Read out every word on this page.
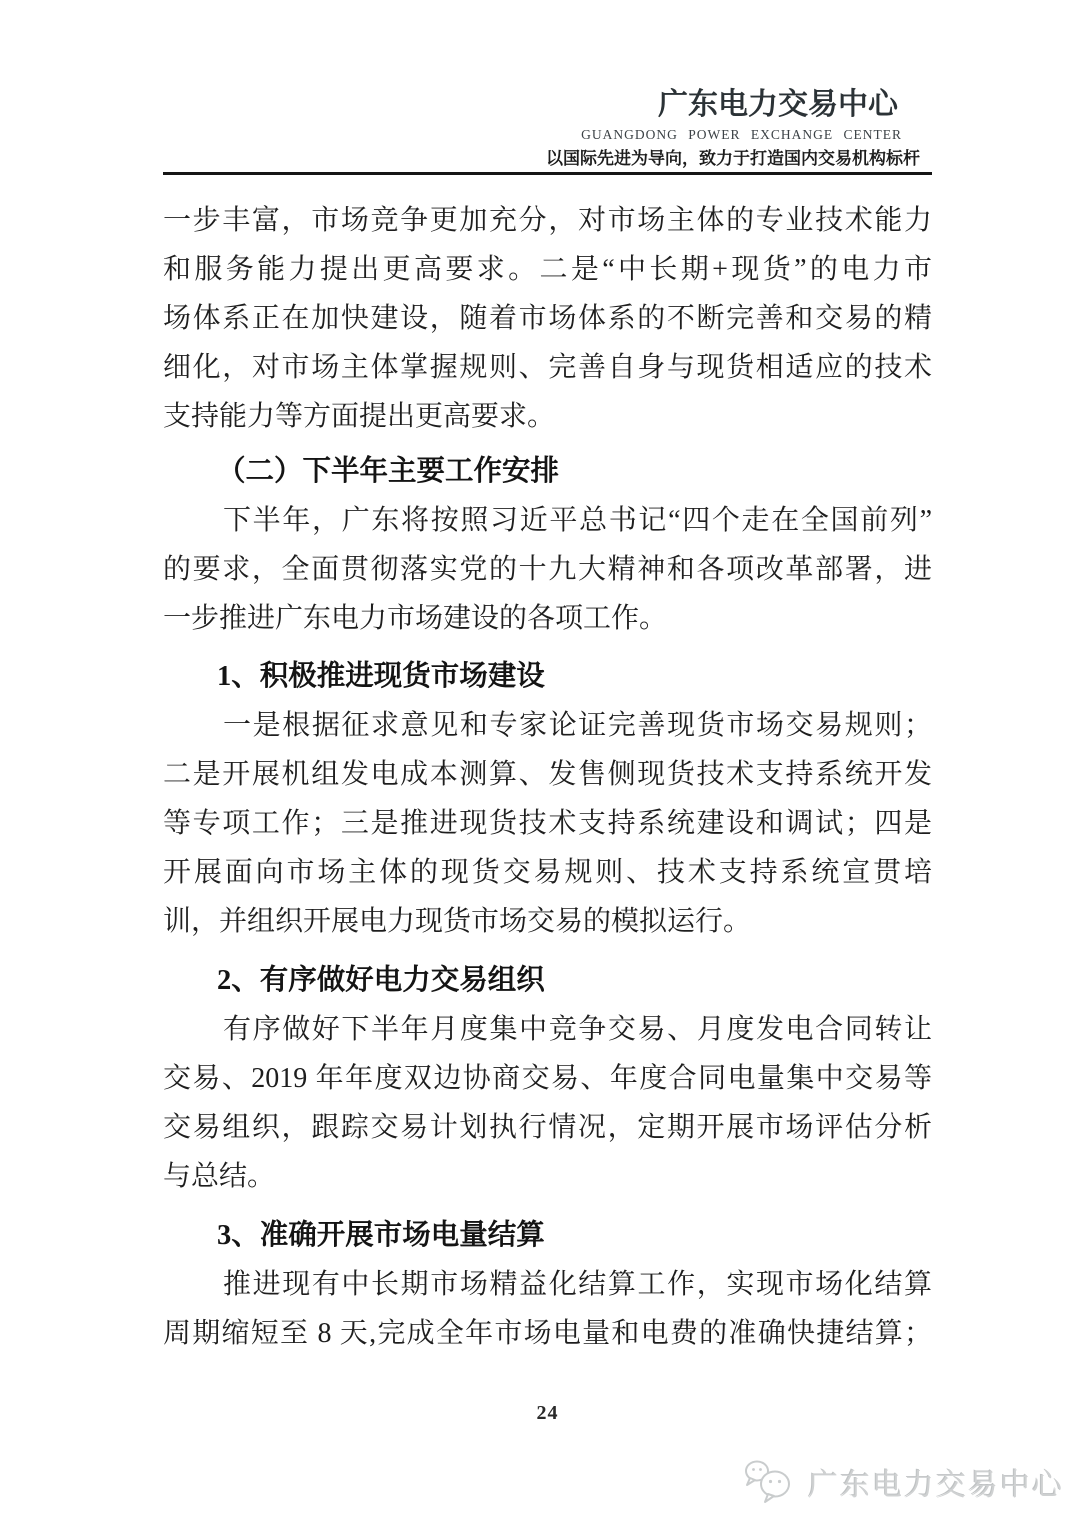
广东电力交易中心
GUANGDONG POWER EXCHANGE CENTER
以国际先进为导向，致力于打造国内交易机构标杆
一步丰富，市场竞争更加充分，对市场主体的专业技术能力
和服务能力提出更高要求。二是“中长期+现货”的电力市
场体系正在加快建设，随着市场体系的不断完善和交易的精
细化，对市场主体掌握规则、完善自身与现货相适应的技术
支持能力等方面提出更高要求。
（二）下半年主要工作安排
下半年，广东将按照习近平总书记“四个走在全国前列”
的要求，全面贯彻落实党的十九大精神和各项改革部署，进
一步推进广东电力市场建设的各项工作。
1、积极推进现货市场建设
一是根据征求意见和专家论证完善现货市场交易规则；
二是开展机组发电成本测算、发售侧现货技术支持系统开发
等专项工作；三是推进现货技术支持系统建设和调试；四是
开展面向市场主体的现货交易规则、技术支持系统宣贯培
训，并组织开展电力现货市场交易的模拟运行。
2、有序做好电力交易组织
有序做好下半年月度集中竞争交易、月度发电合同转让
交易、2019 年年度双边协商交易、年度合同电量集中交易等
交易组织，跟踪交易计划执行情况，定期开展市场评估分析
与总结。
3、准确开展市场电量结算
推进现有中长期市场精益化结算工作，实现市场化结算
周期缩短至 8 天,完成全年市场电量和电费的准确快捷结算；
24
广东电力交易中心
